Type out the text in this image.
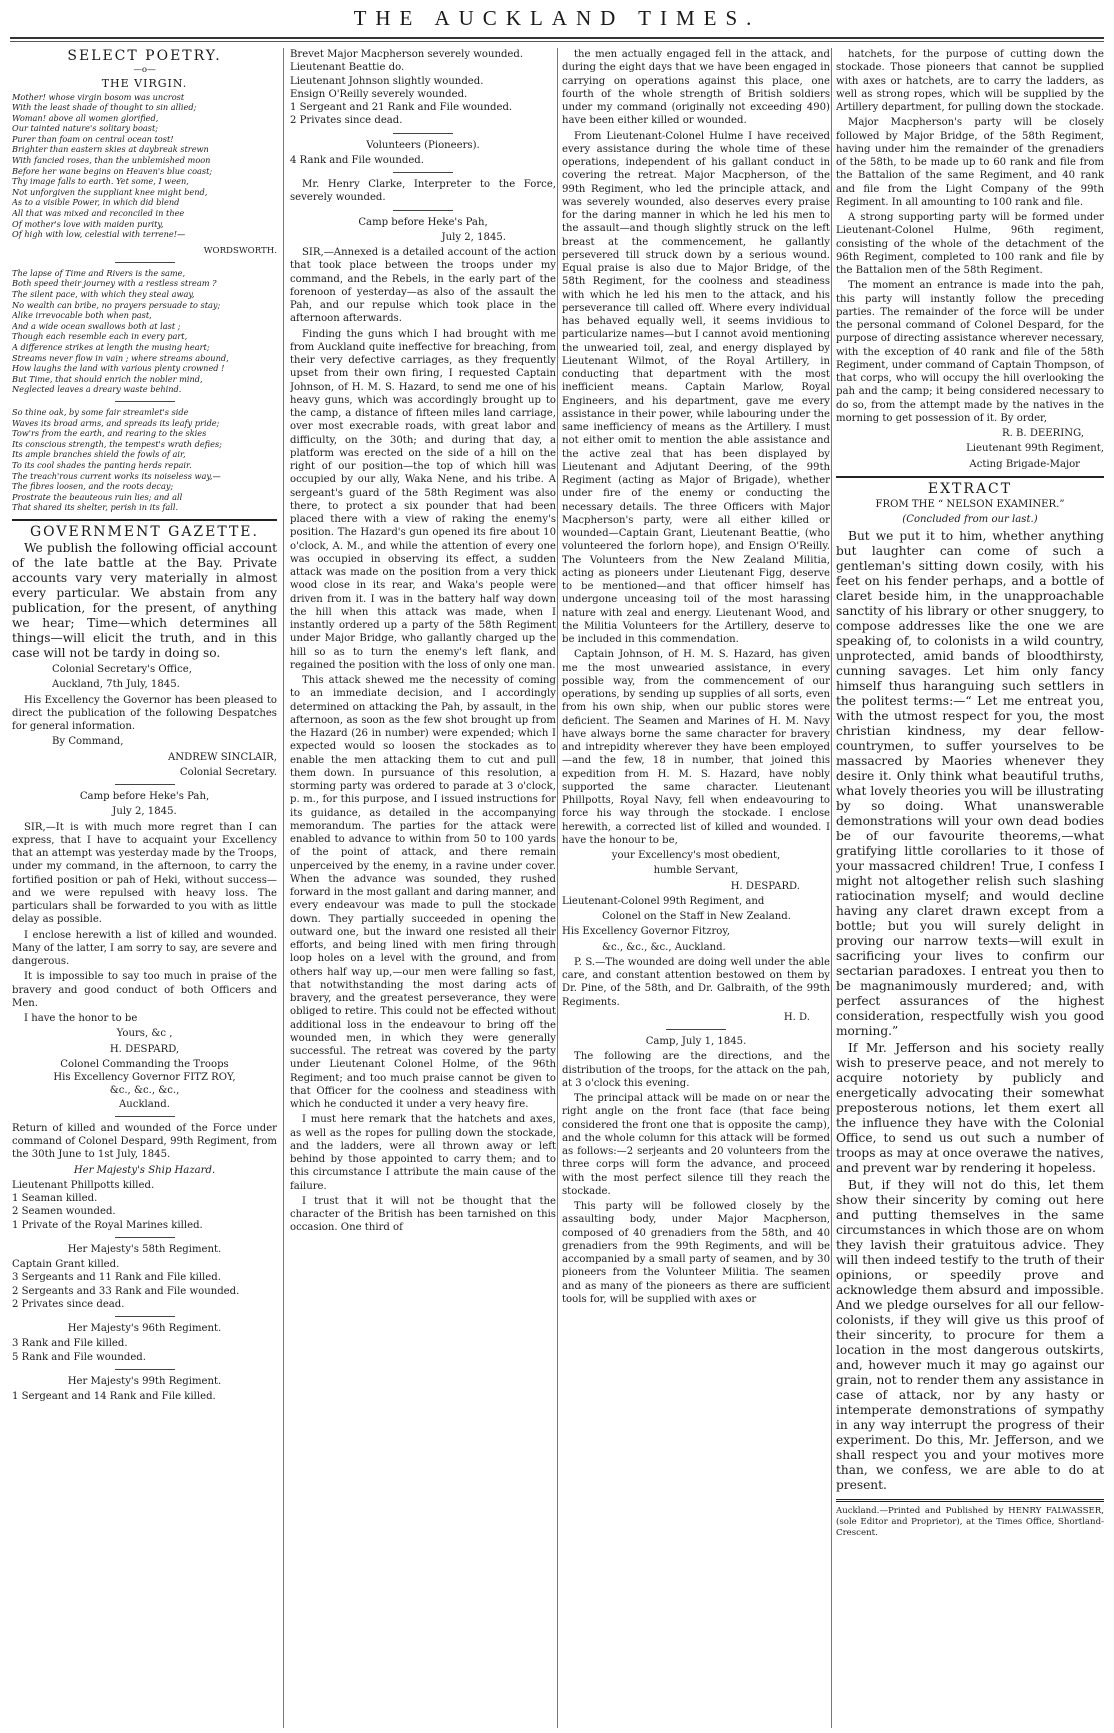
THE AUCKLAND TIMES.
SELECT POETRY.
—o—
THE VIRGIN.

Mother! whose virgin bosom was uncrost

With the least shade of thought to sin allied;

Woman! above all women glorified,

Our tainted nature's solitary boast;

Purer than foam on central ocean tost!

Brighter than eastern skies at daybreak strewn

With fancied roses, than the unblemished moon

Before her wane begins on Heaven's blue coast;

Thy image falls to earth. Yet some, I ween,

Not unforgiven the suppliant knee might bend,

As to a visible Power, in which did blend

All that was mixed and reconciled in thee

Of mother's love with maiden purity,

Of high with low, celestial with terrene!—

WORDSWORTH.

The lapse of Time and Rivers is the same,

Both speed their journey with a restless stream ?

The silent pace, with which they steal away,

No wealth can bribe, no prayers persuade to stay;

Alike irrevocable both when past,

And a wide ocean swallows both at last ;

Though each resemble each in every part,

A difference strikes at length the musing heart;

Streams never flow in vain ; where streams abound,

How laughs the land with various plenty crowned !

But Time, that should enrich the nobler mind,

Neglected leaves a dreary waste behind.

So thine oak, by some fair streamlet's side

Waves its broad arms, and spreads its leafy pride;

Tow'rs from the earth, and rearing to the skies

Its conscious strength, the tempest's wrath defies;

Its ample branches shield the fowls of air,

To its cool shades the panting herds repair.

The treach'rous current works its noiseless way,—

The fibres loosen, and the roots decay;

Prostrate the beauteous ruin lies; and all

That shared its shelter, perish in its fall.

GOVERNMENT GAZETTE.

We publish the following official account of the late battle at the Bay. Private accounts vary very materially in almost every particular. We abstain from any publication, for the present, of anything we hear; Time—which determines all things—will elicit the truth, and in this case will not be tardy in doing so.

Colonial Secretary's Office,

Auckland, 7th July, 1845.

His Excellency the Governor has been pleased to direct the publication of the following Despatches for general information.

By Command,

ANDREW SINCLAIR,

Colonial Secretary.

Camp before Heke's Pah,

July 2, 1845.

SIR,—It is with much more regret than I can express, that I have to acquaint your Excellency that an attempt was yesterday made by the Troops, under my command, in the afternoon, to carry the fortified position or pah of Heki, without success—and we were repulsed with heavy loss. The particulars shall be forwarded to you with as little delay as possible.

I enclose herewith a list of killed and wounded. Many of the latter, I am sorry to say, are severe and dangerous.

It is impossible to say too much in praise of the bravery and good conduct of both Officers and Men.

I have the honor to be

Yours, &c ,

H. DESPARD,

Colonel Commanding the Troops

His Excellency Governor FITZ ROY,

&c., &c., &c.,

Auckland.

Return of killed and wounded of the Force under command of Colonel Despard, 99th Regiment, from the 30th June to 1st July, 1845.

Her Majesty's Ship Hazard.

Lieutenant Phillpotts killed.

1 Seaman killed.

2 Seamen wounded.

1 Private of the Royal Marines killed.

Her Majesty's 58th Regiment.

Captain Grant killed.

3 Sergeants and 11 Rank and File killed.

2 Sergeants and 33 Rank and File wounded.

2 Privates since dead.

Her Majesty's 96th Regiment.

3 Rank and File killed.

5 Rank and File wounded.

Her Majesty's 99th Regiment.

1 Sergeant and 14 Rank and File killed.

Brevet Major Macpherson severely wounded.

Lieutenant Beattie do.

Lieutenant Johnson slightly wounded.

Ensign O'Reilly severely wounded.

1 Sergeant and 21 Rank and File wounded.

2 Privates since dead.

Volunteers (Pioneers).

4 Rank and File wounded.

Mr. Henry Clarke, Interpreter to the Force, severely wounded.

Camp before Heke's Pah,

July 2, 1845.

SIR,—Annexed is a detailed account of the action that took place between the troops under my command, and the Rebels, in the early part of the forenoon of yesterday—as also of the assault the Pah, and our repulse which took place in the afternoon afterwards.

Finding the guns which I had brought with me from Auckland quite ineffective for breaching, from their very defective carriages, as they frequently upset from their own firing, I requested Captain Johnson, of H. M. S. Hazard, to send me one of his heavy guns, which was accordingly brought up to the camp, a distance of fifteen miles land carriage, over most execrable roads, with great labor and difficulty, on the 30th; and during that day, a platform was erected on the side of a hill on the right of our position—the top of which hill was occupied by our ally, Waka Nene, and his tribe. A sergeant's guard of the 58th Regiment was also there, to protect a six pounder that had been placed there with a view of raking the enemy's position. The Hazard's gun opened its fire about 10 o'clock, A. M., and while the attention of every one was occupied in observing its effect, a sudden attack was made on the position from a very thick wood close in its rear, and Waka's people were driven from it. I was in the battery half way down the hill when this attack was made, when I instantly ordered up a party of the 58th Regiment under Major Bridge, who gallantly charged up the hill so as to turn the enemy's left flank, and regained the position with the loss of only one man.

This attack shewed me the necessity of coming to an immediate decision, and I accordingly determined on attacking the Pah, by assault, in the afternoon, as soon as the few shot brought up from the Hazard (26 in number) were expended; which I expected would so loosen the stockades as to enable the men attacking them to cut and pull them down. In pursuance of this resolution, a storming party was ordered to parade at 3 o'clock, p. m., for this purpose, and I issued instructions for its guidance, as detailed in the accompanying memorandum. The parties for the attack were enabled to advance to within from 50 to 100 yards of the point of attack, and there remain unperceived by the enemy, in a ravine under cover. When the advance was sounded, they rushed forward in the most gallant and daring manner, and every endeavour was made to pull the stockade down. They partially succeeded in opening the outward one, but the inward one resisted all their efforts, and being lined with men firing through loop holes on a level with the ground, and from others half way up,—our men were falling so fast, that notwithstanding the most daring acts of bravery, and the greatest perseverance, they were obliged to retire. This could not be effected without additional loss in the endeavour to bring off the wounded men, in which they were generally successful. The retreat was covered by the party under Lieutenant Colonel Holme, of the 96th Regiment; and too much praise cannot be given to that Officer for the coolness and steadiness with which he conducted it under a very heavy fire.

I must here remark that the hatchets and axes, as well as the ropes for pulling down the stockade, and the ladders, were all thrown away or left behind by those appointed to carry them; and to this circumstance I attribute the main cause of the failure.

I trust that it will not be thought that the character of the British has been tarnished on this occasion. One third of

the men actually engaged fell in the attack, and during the eight days that we have been engaged in carrying on operations against this place, one fourth of the whole strength of British soldiers under my command (originally not exceeding 490) have been either killed or wounded.

From Lieutenant-Colonel Hulme I have received every assistance during the whole time of these operations, independent of his gallant conduct in covering the retreat. Major Macpherson, of the 99th Regiment, who led the principle attack, and was severely wounded, also deserves every praise for the daring manner in which he led his men to the assault—and though slightly struck on the left breast at the commencement, he gallantly persevered till struck down by a serious wound. Equal praise is also due to Major Bridge, of the 58th Regiment, for the coolness and steadiness with which he led his men to the attack, and his perseverance till called off. Where every individual has behaved equally well, it seems invidious to particularize names—but I cannot avoid mentioning the unwearied toil, zeal, and energy displayed by Lieutenant Wilmot, of the Royal Artillery, in conducting that department with the most inefficient means. Captain Marlow, Royal Engineers, and his department, gave me every assistance in their power, while labouring under the same inefficiency of means as the Artillery. I must not either omit to mention the able assistance and the active zeal that has been displayed by Lieutenant and Adjutant Deering, of the 99th Regiment (acting as Major of Brigade), whether under fire of the enemy or conducting the necessary details. The three Officers with Major Macpherson's party, were all either killed or wounded—Captain Grant, Lieutenant Beattie, (who volunteered the forlorn hope), and Ensign O'Reilly. The Volunteers from the New Zealand Militia, acting as pioneers under Lieutenant Figg, deserve to be mentioned—and that officer himself has undergone unceasing toil of the most harassing nature with zeal and energy. Lieutenant Wood, and the Militia Volunteers for the Artillery, deserve to be included in this commendation.

Captain Johnson, of H. M. S. Hazard, has given me the most unwearied assistance, in every possible way, from the commencement of our operations, by sending up supplies of all sorts, even from his own ship, when our public stores were deficient. The Seamen and Marines of H. M. Navy have always borne the same character for bravery and intrepidity wherever they have been employed—and the few, 18 in number, that joined this expedition from H. M. S. Hazard, have nobly supported the same character. Lieutenant Phillpotts, Royal Navy, fell when endeavouring to force his way through the stockade. I enclose herewith, a corrected list of killed and wounded. I have the honour to be,

your Excellency's most obedient,

humble Servant,

H. DESPARD.

Lieutenant-Colonel 99th Regiment, and

Colonel on the Staff in New Zealand.

His Excellency Governor Fitzroy,

&c., &c., &c., Auckland.

P. S.—The wounded are doing well under the able care, and constant attention bestowed on them by Dr. Pine, of the 58th, and Dr. Galbraith, of the 99th Regiments.

H. D.

Camp, July 1, 1845.

The following are the directions, and the distribution of the troops, for the attack on the pah, at 3 o'clock this evening.

The principal attack will be made on or near the right angle on the front face (that face being considered the front one that is opposite the camp), and the whole column for this attack will be formed as follows:—2 serjeants and 20 volunteers from the three corps will form the advance, and proceed with the most perfect silence till they reach the stockade.

This party will be followed closely by the assaulting body, under Major Macpherson, composed of 40 grenadiers from the 58th, and 40 grenadiers from the 99th Regiments, and will be accompanied by a small party of seamen, and by 30 pioneers from the Volunteer Militia. The seamen and as many of the pioneers as there are sufficient tools for, will be supplied with axes or

hatchets, for the purpose of cutting down the stockade. Those pioneers that cannot be supplied with axes or hatchets, are to carry the ladders, as well as strong ropes, which will be supplied by the Artillery department, for pulling down the stockade.

Major Macpherson's party will be closely followed by Major Bridge, of the 58th Regiment, having under him the remainder of the grenadiers of the 58th, to be made up to 60 rank and file from the Battalion of the same Regiment, and 40 rank and file from the Light Company of the 99th Regiment. In all amounting to 100 rank and file.

A strong supporting party will be formed under Lieutenant-Colonel Hulme, 96th regiment, consisting of the whole of the detachment of the 96th Regiment, completed to 100 rank and file by the Battalion men of the 58th Regiment.

The moment an entrance is made into the pah, this party will instantly follow the preceding parties. The remainder of the force will be under the personal command of Colonel Despard, for the purpose of directing assistance wherever necessary, with the exception of 40 rank and file of the 58th Regiment, under command of Captain Thompson, of that corps, who will occupy the hill overlooking the pah and the camp; it being considered necessary to do so, from the attempt made by the natives in the morning to get possession of it. By order,

R. B. DEERING,

Lieutenant 99th Regiment,

Acting Brigade-Major

EXTRACT

FROM THE “ NELSON EXAMINER.”

(Concluded from our last.)

But we put it to him, whether anything but laughter can come of such a gentleman's sitting down cosily, with his feet on his fender perhaps, and a bottle of claret beside him, in the unapproachable sanctity of his library or other snuggery, to compose addresses like the one we are speaking of, to colonists in a wild country, unprotected, amid bands of bloodthirsty, cunning savages. Let him only fancy himself thus haranguing such settlers in the politest terms:—“ Let me entreat you, with the utmost respect for you, the most christian kindness, my dear fellow-countrymen, to suffer yourselves to be massacred by Maories whenever they desire it. Only think what beautiful truths, what lovely theories you will be illustrating by so doing. What unanswerable demonstrations will your own dead bodies be of our favourite theorems,—what gratifying little corollaries to it those of your massacred children! True, I confess I might not altogether relish such slashing ratiocination myself; and would decline having any claret drawn except from a bottle; but you will surely delight in proving our narrow texts—will exult in sacrificing your lives to confirm our sectarian paradoxes. I entreat you then to be magnanimously murdered; and, with perfect assurances of the highest consideration, respectfully wish you good morning.”

If Mr. Jefferson and his society really wish to preserve peace, and not merely to acquire notoriety by publicly and energetically advocating their somewhat preposterous notions, let them exert all the influence they have with the Colonial Office, to send us out such a number of troops as may at once overawe the natives, and prevent war by rendering it hopeless.

But, if they will not do this, let them show their sincerity by coming out here and putting themselves in the same circumstances in which those are on whom they lavish their gratuitous advice. They will then indeed testify to the truth of their opinions, or speedily prove and acknowledge them absurd and impossible. And we pledge ourselves for all our fellow-colonists, if they will give us this proof of their sincerity, to procure for them a location in the most dangerous outskirts, and, however much it may go against our grain, not to render them any assistance in case of attack, nor by any hasty or intemperate demonstrations of sympathy in any way interrupt the progress of their experiment. Do this, Mr. Jefferson, and we shall respect you and your motives more than, we confess, we are able to do at present.

Auckland.—Printed and Published by HENRY FALWASSER, (sole Editor and Proprietor), at the Times Office, Shortland-Crescent.
